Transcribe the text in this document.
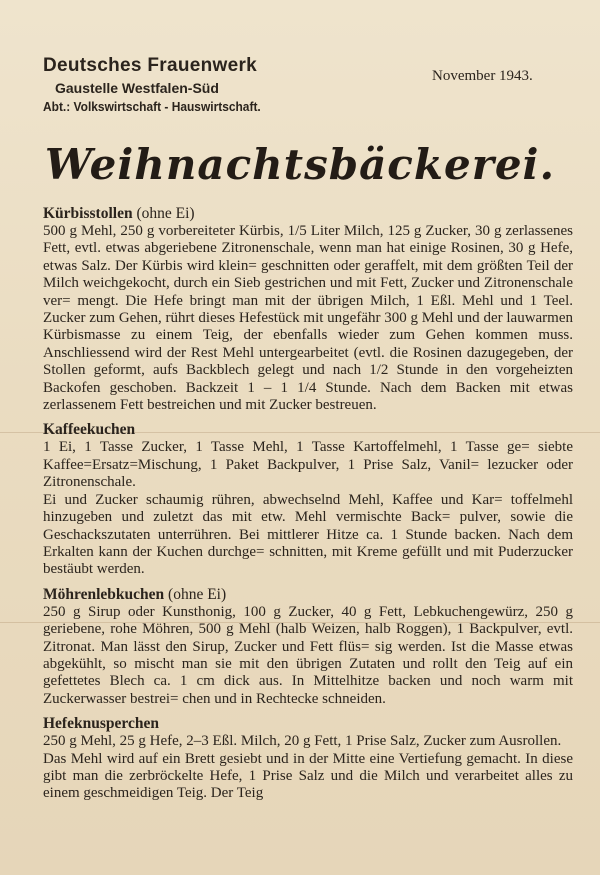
Deutsches Frauenwerk

Gaustelle Westfalen-Süd

Abt.: Volkswirtschaft - Hauswirtschaft.

November 1943.
Weihnachtsbäckerei.

Kürbisstollen (ohne Ei)

500 g Mehl, 250 g vorbereiteter Kürbis, 1/5 Liter Milch, 125 g Zucker, 30 g zerlassenes Fett, evtl. etwas abgeriebene Zitronenschale, wenn man hat einige Rosinen, 30 g Hefe, etwas Salz. Der Kürbis wird klein= geschnitten oder geraffelt, mit dem größten Teil der Milch weichgekocht, durch ein Sieb gestrichen und mit Fett, Zucker und Zitronenschale ver= mengt. Die Hefe bringt man mit der übrigen Milch, 1 Eßl. Mehl und 1 Teel. Zucker zum Gehen, rührt dieses Hefestück mit ungefähr 300 g Mehl und der lauwarmen Kürbismasse zu einem Teig, der ebenfalls wieder zum Gehen kommen muss. Anschliessend wird der Rest Mehl untergearbeitet (evtl. die Rosinen dazugegeben, der Stollen geformt, aufs Backblech gelegt und nach 1/2 Stunde in den vorgeheizten Backofen geschoben. Backzeit 1 – 1 1/4 Stunde. Nach dem Backen mit etwas zerlassenem Fett bestreichen und mit Zucker bestreuen.

Kaffeekuchen

1 Ei, 1 Tasse Zucker, 1 Tasse Mehl, 1 Tasse Kartoffelmehl, 1 Tasse ge= siebte Kaffee=Ersatz=Mischung, 1 Paket Backpulver, 1 Prise Salz, Vanil= lezucker oder Zitronenschale.

Ei und Zucker schaumig rühren, abwechselnd Mehl, Kaffee und Kar= toffelmehl hinzugeben und zuletzt das mit etw. Mehl vermischte Back= pulver, sowie die Geschackszutaten unterrühren. Bei mittlerer Hitze ca. 1 Stunde backen. Nach dem Erkalten kann der Kuchen durchge= schnitten, mit Kreme gefüllt und mit Puderzucker bestäubt werden.

Möhrenlebkuchen (ohne Ei)

250 g Sirup oder Kunsthonig, 100 g Zucker, 40 g Fett, Lebkuchengewürz, 250 g geriebene, rohe Möhren, 500 g Mehl (halb Weizen, halb Roggen), 1 Backpulver, evtl. Zitronat. Man lässt den Sirup, Zucker und Fett flüs= sig werden. Ist die Masse etwas abgekühlt, so mischt man sie mit den übrigen Zutaten und rollt den Teig auf ein gefettetes Blech ca. 1 cm dick aus. In Mittelhitze backen und noch warm mit Zuckerwasser bestrei= chen und in Rechtecke schneiden.

Hefeknusperchen

250 g Mehl, 25 g Hefe, 2–3 Eßl. Milch, 20 g Fett, 1 Prise Salz, Zucker zum Ausrollen.

Das Mehl wird auf ein Brett gesiebt und in der Mitte eine Vertiefung gemacht. In diese gibt man die zerbröckelte Hefe, 1 Prise Salz und die Milch und verarbeitet alles zu einem geschmeidigen Teig. Der Teig
